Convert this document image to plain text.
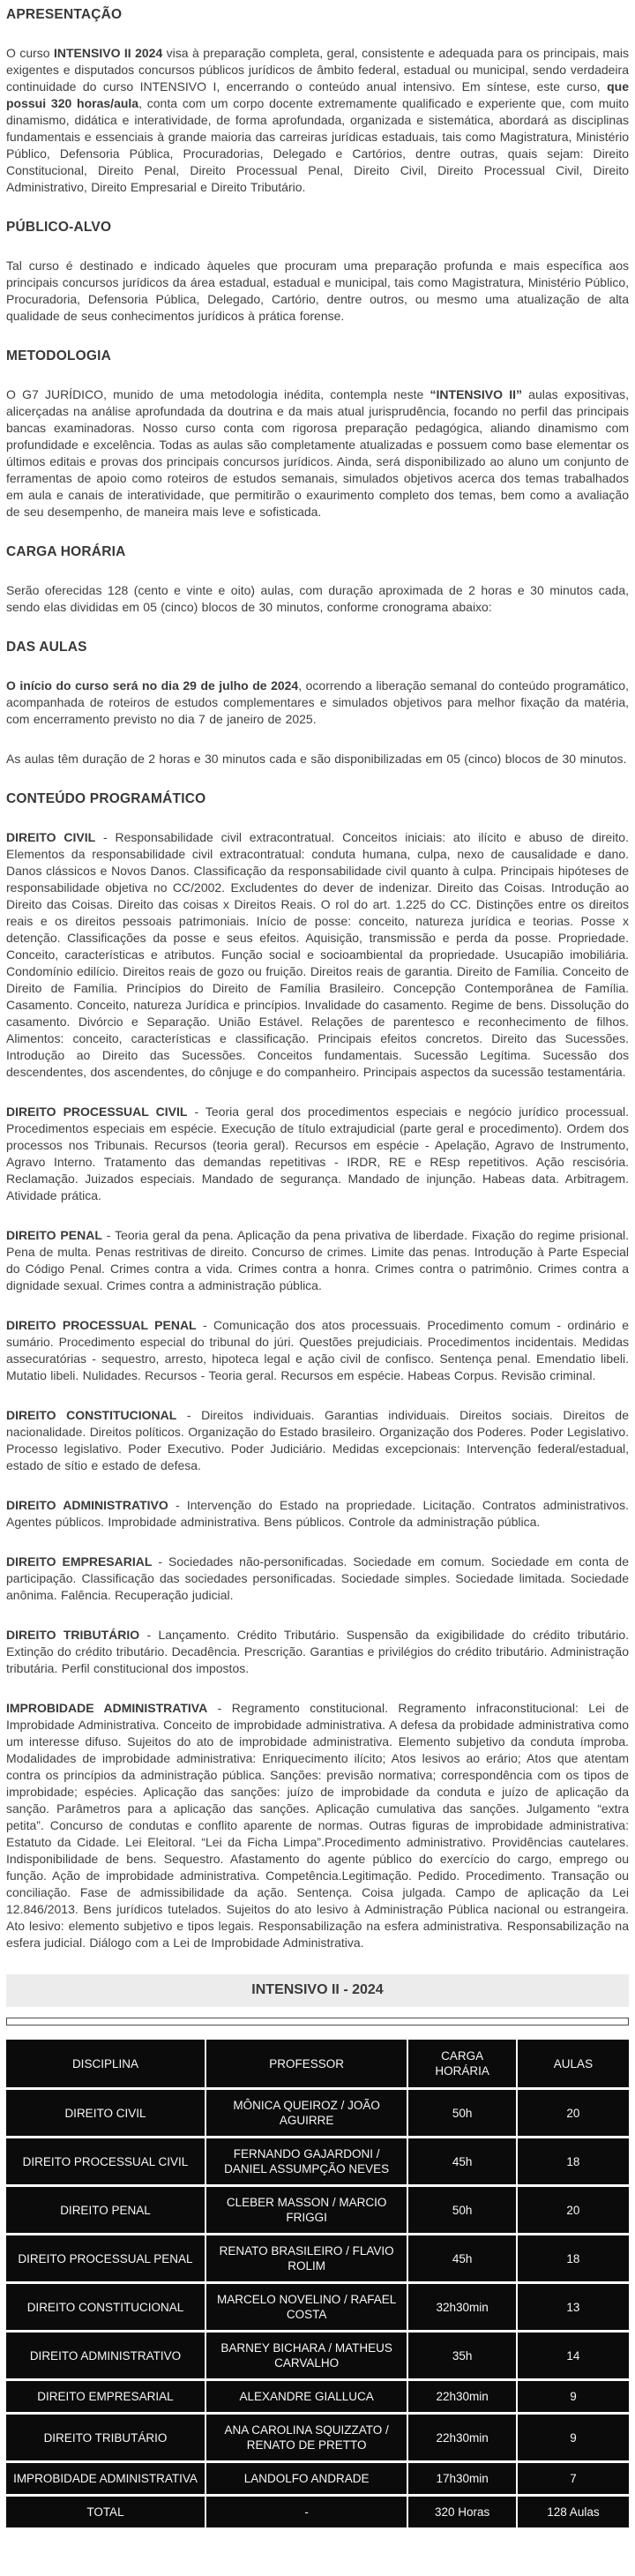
APRESENTAÇÃO

O curso INTENSIVO II 2024 visa à preparação completa, geral, consistente e adequada para os principais, mais exigentes e disputados concursos públicos jurídicos de âmbito federal, estadual ou municipal, sendo verdadeira continuidade do curso INTENSIVO I, encerrando o conteúdo anual intensivo. Em síntese, este curso, que possui 320 horas/aula, conta com um corpo docente extremamente qualificado e experiente que, com muito dinamismo, didática e interatividade, de forma aprofundada, organizada e sistemática, abordará as disciplinas fundamentais e essenciais à grande maioria das carreiras jurídicas estaduais, tais como Magistratura, Ministério Público, Defensoria Pública, Procuradorias, Delegado e Cartórios, dentre outras, quais sejam: Direito Constitucional, Direito Penal, Direito Processual Penal, Direito Civil, Direito Processual Civil, Direito Administrativo, Direito Empresarial e Direito Tributário.

PÚBLICO-ALVO

Tal curso é destinado e indicado àqueles que procuram uma preparação profunda e mais específica aos principais concursos jurídicos da área estadual, estadual e municipal, tais como Magistratura, Ministério Público, Procuradoria, Defensoria Pública, Delegado, Cartório, dentre outros, ou mesmo uma atualização de alta qualidade de seus conhecimentos jurídicos à prática forense.

METODOLOGIA

O G7 JURÍDICO, munido de uma metodologia inédita, contempla neste “INTENSIVO II” aulas expositivas, alicerçadas na análise aprofundada da doutrina e da mais atual jurisprudência, focando no perfil das principais bancas examinadoras. Nosso curso conta com rigorosa preparação pedagógica, aliando dinamismo com profundidade e excelência. Todas as aulas são completamente atualizadas e possuem como base elementar os últimos editais e provas dos principais concursos jurídicos. Ainda, será disponibilizado ao aluno um conjunto de ferramentas de apoio como roteiros de estudos semanais, simulados objetivos acerca dos temas trabalhados em aula e canais de interatividade, que permitirão o exaurimento completo dos temas, bem como a avaliação de seu desempenho, de maneira mais leve e sofisticada.

CARGA HORÁRIA

Serão oferecidas 128 (cento e vinte e oito) aulas, com duração aproximada de 2 horas e 30 minutos cada, sendo elas divididas em 05 (cinco) blocos de 30 minutos, conforme cronograma abaixo:

DAS AULAS

O início do curso será no dia 29 de julho de 2024, ocorrendo a liberação semanal do conteúdo programático, acompanhada de roteiros de estudos complementares e simulados objetivos para melhor fixação da matéria, com encerramento previsto no dia 7 de janeiro de 2025.

As aulas têm duração de 2 horas e 30 minutos cada e são disponibilizadas em 05 (cinco) blocos de 30 minutos.

CONTEÚDO PROGRAMÁTICO

DIREITO CIVIL - Responsabilidade civil extracontratual. Conceitos iniciais: ato ilícito e abuso de direito. Elementos da responsabilidade civil extracontratual: conduta humana, culpa, nexo de causalidade e dano. Danos clássicos e Novos Danos. Classificação da responsabilidade civil quanto à culpa. Principais hipóteses de responsabilidade objetiva no CC/2002. Excludentes do dever de indenizar. Direito das Coisas. Introdução ao Direito das Coisas. Direito das coisas x Direitos Reais. O rol do art. 1.225 do CC. Distinções entre os direitos reais e os direitos pessoais patrimoniais. Início de posse: conceito, natureza jurídica e teorias. Posse x detenção. Classificações da posse e seus efeitos. Aquisição, transmissão e perda da posse. Propriedade. Conceito, características e atributos. Função social e socioambiental da propriedade. Usucapião imobiliária. Condomínio edilício. Direitos reais de gozo ou fruição. Direitos reais de garantia. Direito de Família. Conceito de Direito de Família. Princípios do Direito de Família Brasileiro. Concepção Contemporânea de Família. Casamento. Conceito, natureza Jurídica e princípios. Invalidade do casamento. Regime de bens. Dissolução do casamento. Divórcio e Separação. União Estável. Relações de parentesco e reconhecimento de filhos. Alimentos: conceito, características e classificação. Principais efeitos concretos. Direito das Sucessões. Introdução ao Direito das Sucessões. Conceitos fundamentais. Sucessão Legítima. Sucessão dos descendentes, dos ascendentes, do cônjuge e do companheiro. Principais aspectos da sucessão testamentária.

DIREITO PROCESSUAL CIVIL - Teoria geral dos procedimentos especiais e negócio jurídico processual. Procedimentos especiais em espécie. Execução de título extrajudicial (parte geral e procedimento). Ordem dos processos nos Tribunais. Recursos (teoria geral). Recursos em espécie - Apelação, Agravo de Instrumento, Agravo Interno. Tratamento das demandas repetitivas - IRDR, RE e REsp repetitivos. Ação rescisória. Reclamação. Juizados especiais. Mandado de segurança. Mandado de injunção. Habeas data. Arbitragem. Atividade prática.

DIREITO PENAL - Teoria geral da pena. Aplicação da pena privativa de liberdade. Fixação do regime prisional. Pena de multa. Penas restritivas de direito. Concurso de crimes. Limite das penas. Introdução à Parte Especial do Código Penal. Crimes contra a vida. Crimes contra a honra. Crimes contra o patrimônio. Crimes contra a dignidade sexual. Crimes contra a administração pública.

DIREITO PROCESSUAL PENAL - Comunicação dos atos processuais. Procedimento comum - ordinário e sumário. Procedimento especial do tribunal do júri. Questões prejudiciais. Procedimentos incidentais. Medidas assecuratórias - sequestro, arresto, hipoteca legal e ação civil de confisco. Sentença penal. Emendatio libeli. Mutatio libeli. Nulidades. Recursos - Teoria geral. Recursos em espécie. Habeas Corpus. Revisão criminal.

DIREITO CONSTITUCIONAL - Direitos individuais. Garantias individuais. Direitos sociais. Direitos de nacionalidade. Direitos políticos. Organização do Estado brasileiro. Organização dos Poderes. Poder Legislativo. Processo legislativo. Poder Executivo. Poder Judiciário. Medidas excepcionais: Intervenção federal/estadual, estado de sítio e estado de defesa.

DIREITO ADMINISTRATIVO - Intervenção do Estado na propriedade. Licitação. Contratos administrativos. Agentes públicos. Improbidade administrativa. Bens públicos. Controle da administração pública.

DIREITO EMPRESARIAL - Sociedades não-personificadas. Sociedade em comum. Sociedade em conta de participação. Classificação das sociedades personificadas. Sociedade simples. Sociedade limitada. Sociedade anônima. Falência. Recuperação judicial.

DIREITO TRIBUTÁRIO - Lançamento. Crédito Tributário. Suspensão da exigibilidade do crédito tributário. Extinção do crédito tributário. Decadência. Prescrição. Garantias e privilégios do crédito tributário. Administração tributária. Perfil constitucional dos impostos.

IMPROBIDADE ADMINISTRATIVA - Regramento constitucional. Regramento infraconstitucional: Lei de Improbidade Administrativa. Conceito de improbidade administrativa. A defesa da probidade administrativa como um interesse difuso. Sujeitos do ato de improbidade administrativa. Elemento subjetivo da conduta ímproba. Modalidades de improbidade administrativa: Enriquecimento ilícito; Atos lesivos ao erário; Atos que atentam contra os princípios da administração pública. Sanções: previsão normativa; correspondência com os tipos de improbidade; espécies. Aplicação das sanções: juízo de improbidade da conduta e juízo de aplicação da sanção. Parâmetros para a aplicação das sanções. Aplicação cumulativa das sanções. Julgamento “extra petita”. Concurso de condutas e conflito aparente de normas. Outras figuras de improbidade administrativa: Estatuto da Cidade. Lei Eleitoral. “Lei da Ficha Limpa”.Procedimento administrativo. Providências cautelares. Indisponibilidade de bens. Sequestro. Afastamento do agente público do exercício do cargo, emprego ou função. Ação de improbidade administrativa. Competência.Legitimação. Pedido. Procedimento. Transação ou conciliação. Fase de admissibilidade da ação. Sentença. Coisa julgada. Campo de aplicação da Lei 12.846/2013. Bens jurídicos tutelados. Sujeitos do ato lesivo à Administração Pública nacional ou estrangeira. Ato lesivo: elemento subjetivo e tipos legais. Responsabilização na esfera administrativa. Responsabilização na esfera judicial. Diálogo com a Lei de Improbidade Administrativa.

INTENSIVO II - 2024
DISCIPLINA	PROFESSOR	CARGA HORÁRIA	AULAS
DIREITO CIVIL	MÔNICA QUEIROZ / JOÃO AGUIRRE	50h	20
DIREITO PROCESSUAL CIVIL	FERNANDO GAJARDONI / DANIEL ASSUMPÇÃO NEVES	45h	18
DIREITO PENAL	CLEBER MASSON / MARCIO FRIGGI	50h	20
DIREITO PROCESSUAL PENAL	RENATO BRASILEIRO / FLAVIO ROLIM	45h	18
DIREITO CONSTITUCIONAL	MARCELO NOVELINO / RAFAEL COSTA	32h30min	13
DIREITO ADMINISTRATIVO	BARNEY BICHARA / MATHEUS CARVALHO	35h	14
DIREITO EMPRESARIAL	ALEXANDRE GIALLUCA	22h30min	9
DIREITO TRIBUTÁRIO	ANA CAROLINA SQUIZZATO / RENATO DE PRETTO	22h30min	9
IMPROBIDADE ADMINISTRATIVA	LANDOLFO ANDRADE	17h30min	7
TOTAL	-	320 Horas	128 Aulas
